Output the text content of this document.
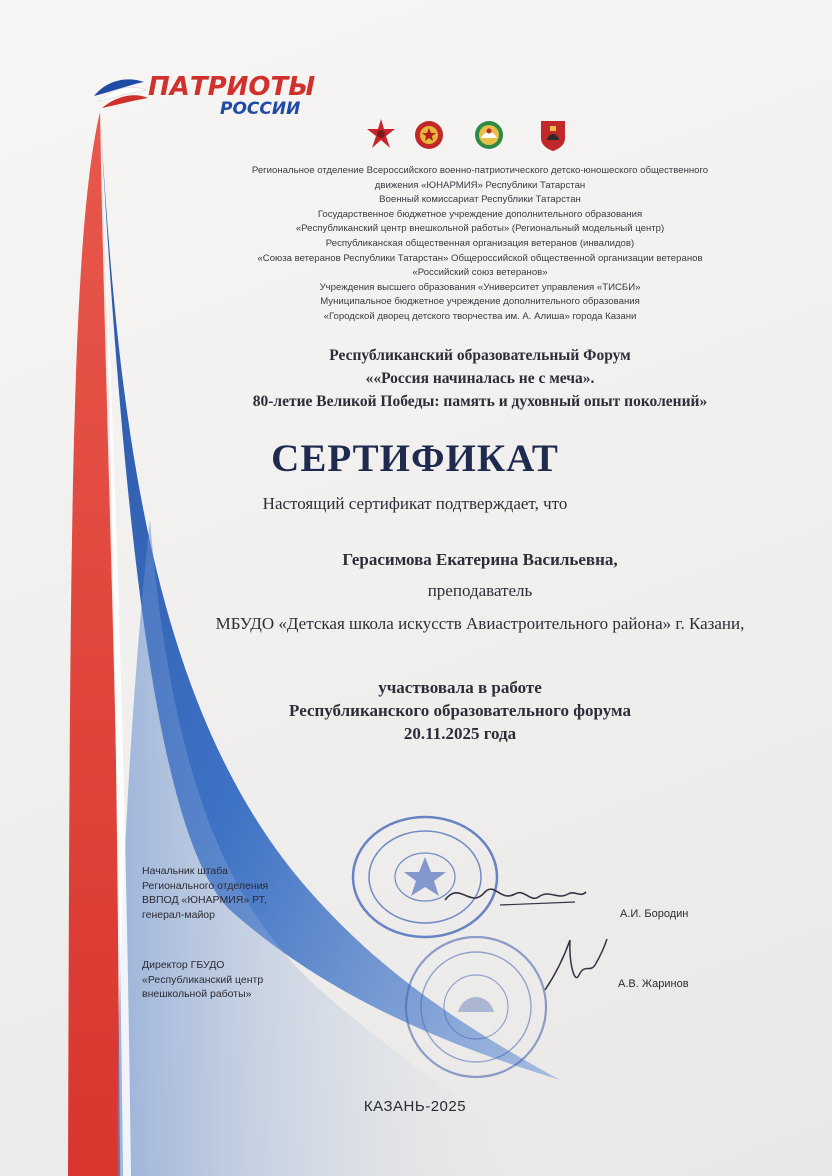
ПАТРИОТЫ
РОССИИ
Региональное отделение Всероссийского военно-патриотического детско-юношеского общественного
движения «ЮНАРМИЯ» Республики Татарстан
Военный комиссариат Республики Татарстан
Государственное бюджетное учреждение дополнительного образования
«Республиканский центр внешкольной работы» (Региональный модельный центр)
Республиканская общественная организация ветеранов (инвалидов)
«Союза ветеранов Республики Татарстан» Общероссийской общественной организации ветеранов
«Российский союз ветеранов»
Учреждения высшего образования «Университет управления «ТИСБИ»
Муниципальное бюджетное учреждение дополнительного образования
«Городской дворец детского творчества им. А. Алиша» города Казани
Республиканский образовательный Форум
««Россия начиналась не с меча».
80-летие Великой Победы: память и духовный опыт поколений»
СЕРТИФИКАТ
Настоящий сертификат подтверждает, что
Герасимова Екатерина Васильевна,
преподаватель
МБУДО «Детская школа искусств Авиастроительного района» г. Казани,
участвовала в работе
Республиканского образовательного форума
20.11.2025 года
Начальник штаба
Регионального отделения
ВВПОД «ЮНАРМИЯ» РТ,
генерал-майор	А.И. Бородин
Директор ГБУДО
«Республиканский центр
внешкольной работы»
А.В. Жаринов
КАЗАНЬ-2025
